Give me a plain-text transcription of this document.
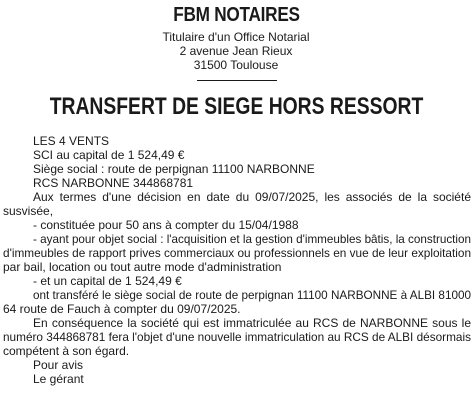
FBM NOTAIRES
Titulaire d'un Office Notarial
2 avenue Jean Rieux
31500 Toulouse
TRANSFERT DE SIEGE HORS RESSORT
LES 4 VENTS
SCI au capital de 1 524,49 €
Siège social : route de perpignan 11100 NARBONNE
RCS NARBONNE 344868781
Aux termes d'une décision en date du 09/07/2025, les associés de la société
susvisée,
- constituée pour 50 ans à compter du 15/04/1988
- ayant pour objet social : l'acquisition et la gestion d'immeubles bâtis, la construction
d'immeubles de rapport prives commerciaux ou professionnels en vue de leur exploitation
par bail, location ou tout autre mode d'administration
- et un capital de 1 524,49 €
ont transféré le siège social de route de perpignan 11100 NARBONNE à ALBI 81000
64 route de Fauch à compter du 09/07/2025.
En conséquence la société qui est immatriculée au RCS de NARBONNE sous le
numéro 344868781 fera l'objet d'une nouvelle immatriculation au RCS de ALBI désormais
compétent à son égard.
Pour avis
Le gérant
